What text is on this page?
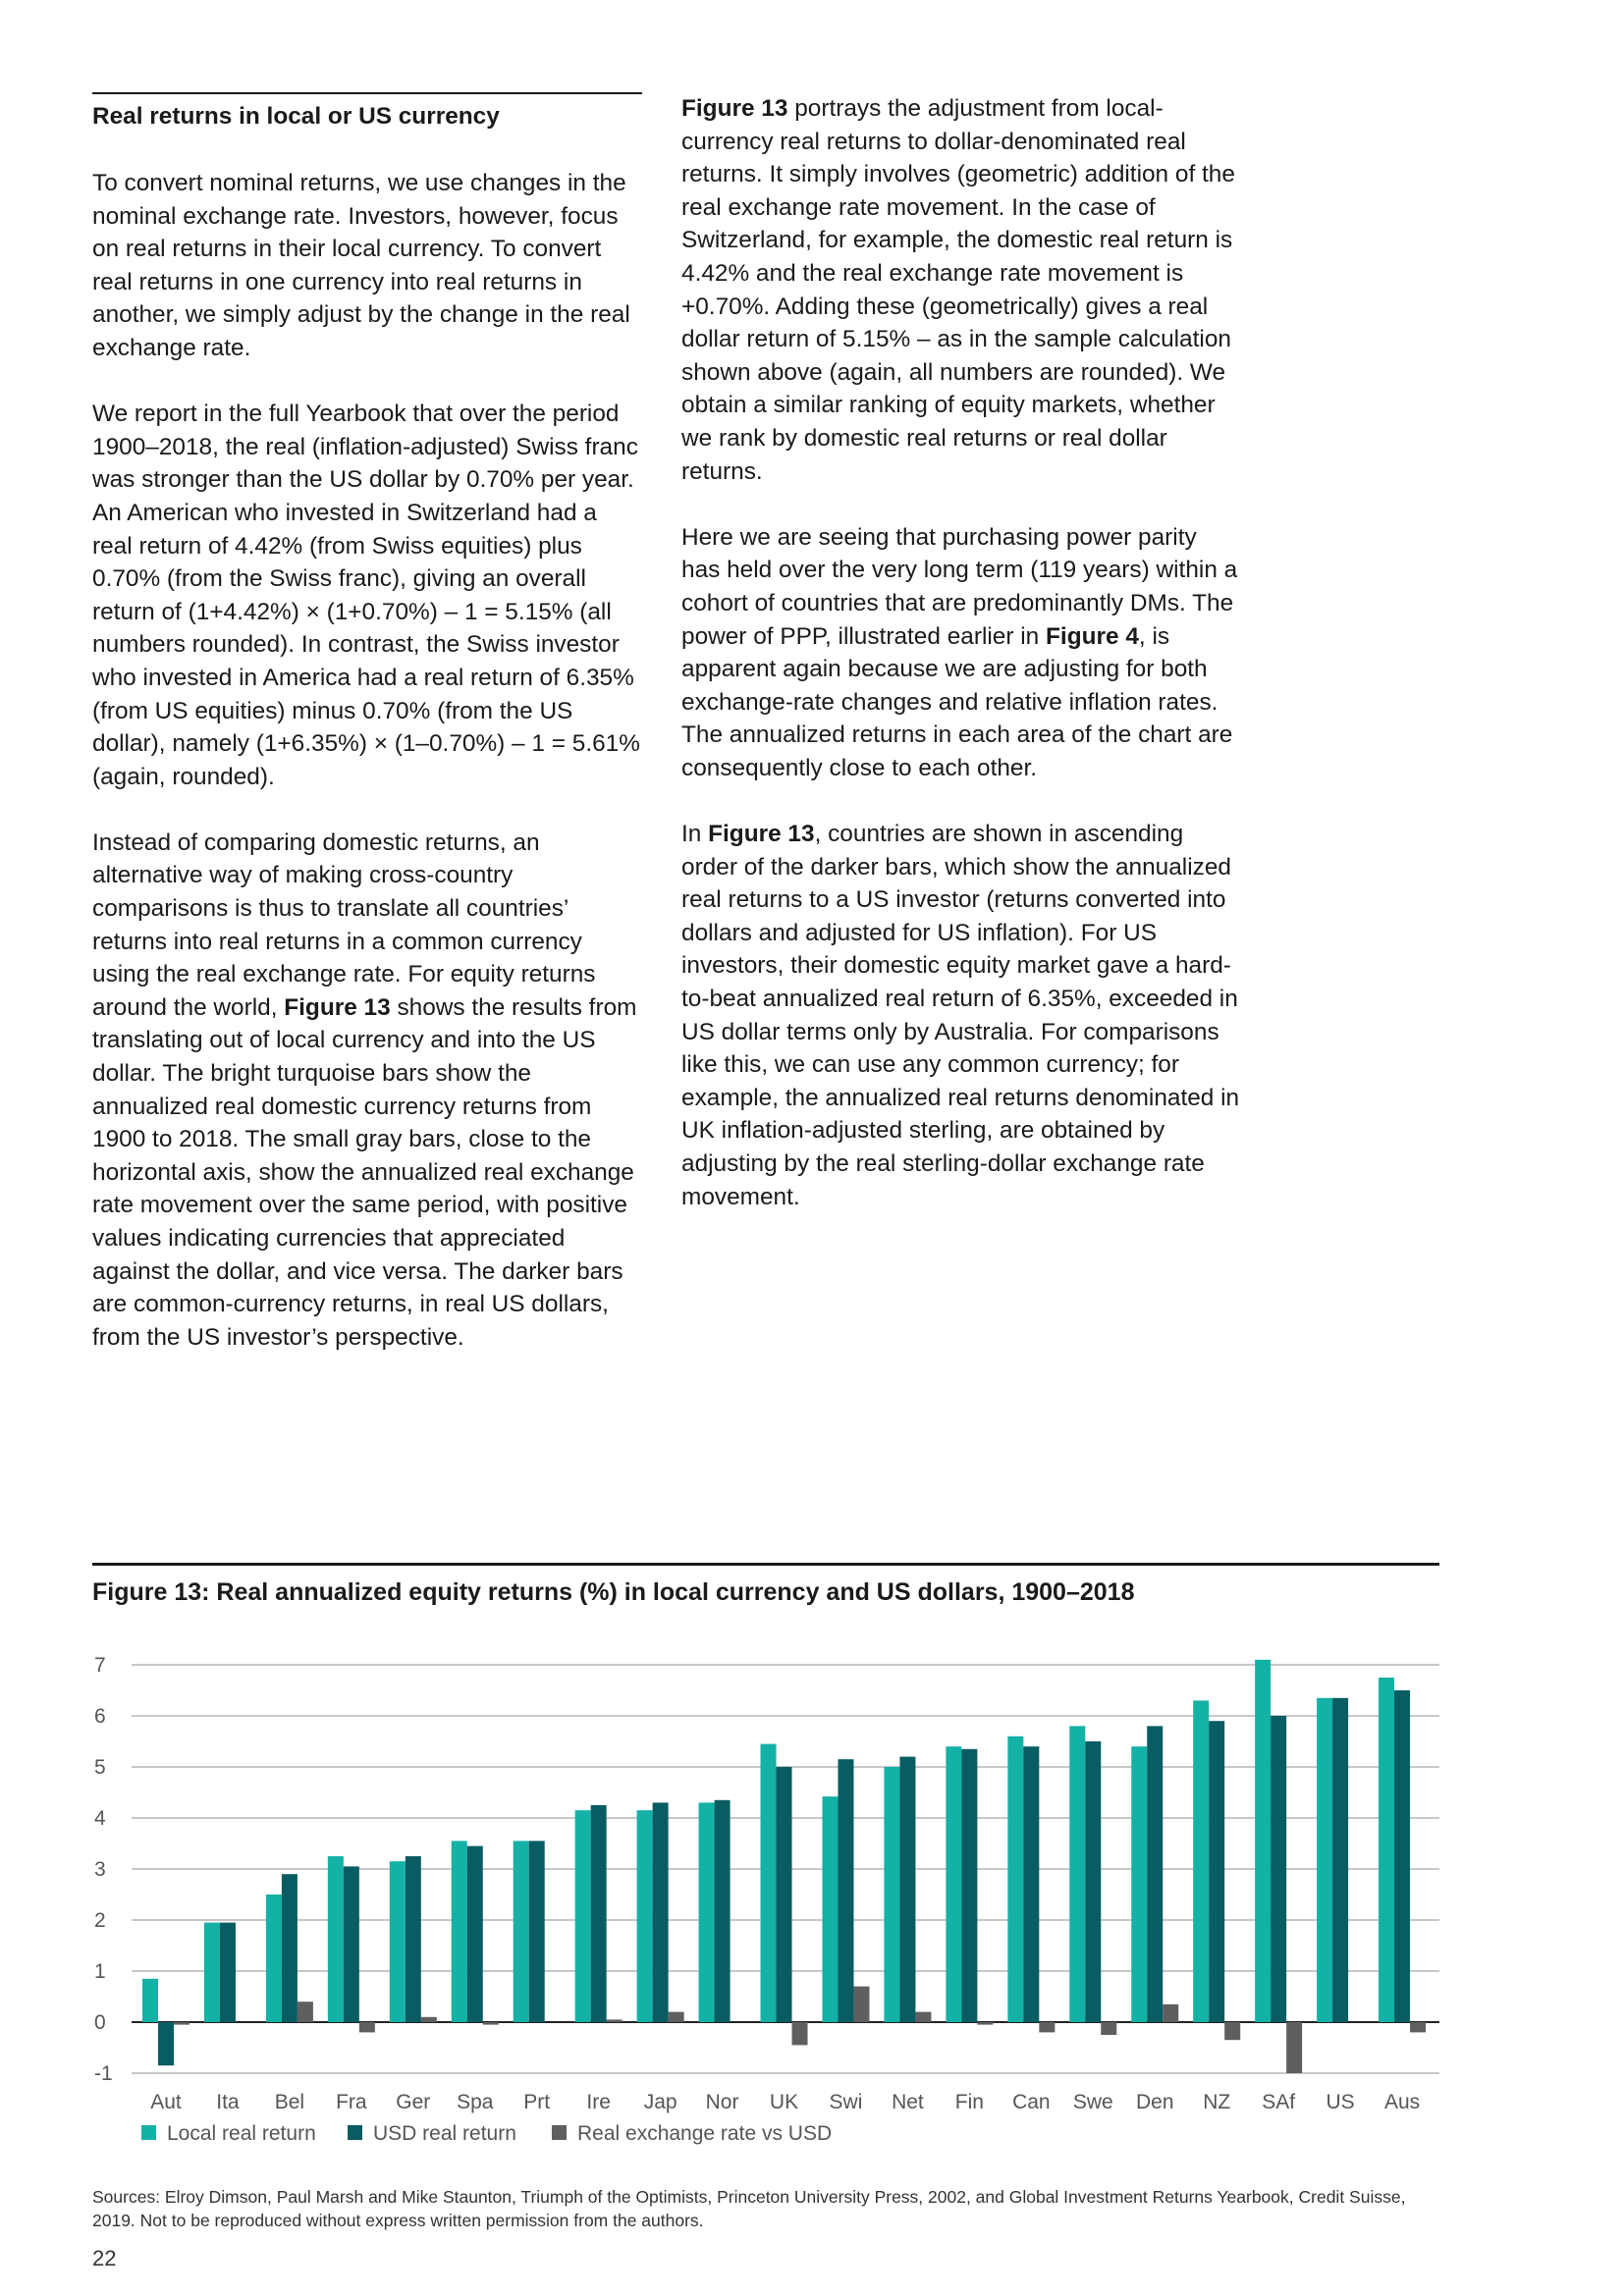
Real returns in local or US currency

To convert nominal returns, we use changes in the nominal exchange rate. Investors, however, focus on real returns in their local currency. To convert real returns in one currency into real returns in another, we simply adjust by the change in the real exchange rate.

We report in the full Yearbook that over the period 1900–2018, the real (inflation-adjusted) Swiss franc was stronger than the US dollar by 0.70% per year. An American who invested in Switzerland had a real return of 4.42% (from Swiss equities) plus 0.70% (from the Swiss franc), giving an overall return of (1+4.42%) × (1+0.70%) – 1 = 5.15% (all numbers rounded). In contrast, the Swiss investor who invested in America had a real return of 6.35% (from US equities) minus 0.70% (from the US dollar), namely (1+6.35%) × (1–0.70%) – 1 = 5.61% (again, rounded).

Instead of comparing domestic returns, an alternative way of making cross-country comparisons is thus to translate all countries’ returns into real returns in a common currency using the real exchange rate. For equity returns around the world, Figure 13 shows the results from translating out of local currency and into the US dollar. The bright turquoise bars show the annualized real domestic currency returns from 1900 to 2018. The small gray bars, close to the horizontal axis, show the annualized real exchange rate movement over the same period, with positive values indicating currencies that appreciated against the dollar, and vice versa. The darker bars are common-currency returns, in real US dollars, from the US investor’s perspective.

Figure 13 portrays the adjustment from local-currency real returns to dollar-denominated real returns. It simply involves (geometric) addition of the real exchange rate movement. In the case of Switzerland, for example, the domestic real return is 4.42% and the real exchange rate movement is +0.70%. Adding these (geometrically) gives a real dollar return of 5.15% – as in the sample calculation shown above (again, all numbers are rounded). We obtain a similar ranking of equity markets, whether we rank by domestic real returns or real dollar returns.

Here we are seeing that purchasing power parity has held over the very long term (119 years) within a cohort of countries that are predominantly DMs. The power of PPP, illustrated earlier in Figure 4, is apparent again because we are adjusting for both exchange-rate changes and relative inflation rates. The annualized returns in each area of the chart are consequently close to each other.

In Figure 13, countries are shown in ascending order of the darker bars, which show the annualized real returns to a US investor (returns converted into dollars and adjusted for US inflation). For US investors, their domestic equity market gave a hard-to-beat annualized real return of 6.35%, exceeded in US dollar terms only by Australia. For comparisons like this, we can use any common currency; for example, the annualized real returns denominated in UK inflation-adjusted sterling, are obtained by adjusting by the real sterling-dollar exchange rate movement.

Figure 13: Real annualized equity returns (%) in local currency and US dollars, 1900–2018
7
6
5
4
3
2
1
0
-1
Aut Ita Bel Fra Ger Spa Prt Ire Jap Nor UK Swi Net Fin Can Swe Den NZ SAf US Aus
Local real return	USD real return	Real exchange rate vs USD
Sources: Elroy Dimson, Paul Marsh and Mike Staunton, Triumph of the Optimists, Princeton University Press, 2002, and Global Investment Returns Yearbook, Credit Suisse, 2019. Not to be reproduced without express written permission from the authors.
22
